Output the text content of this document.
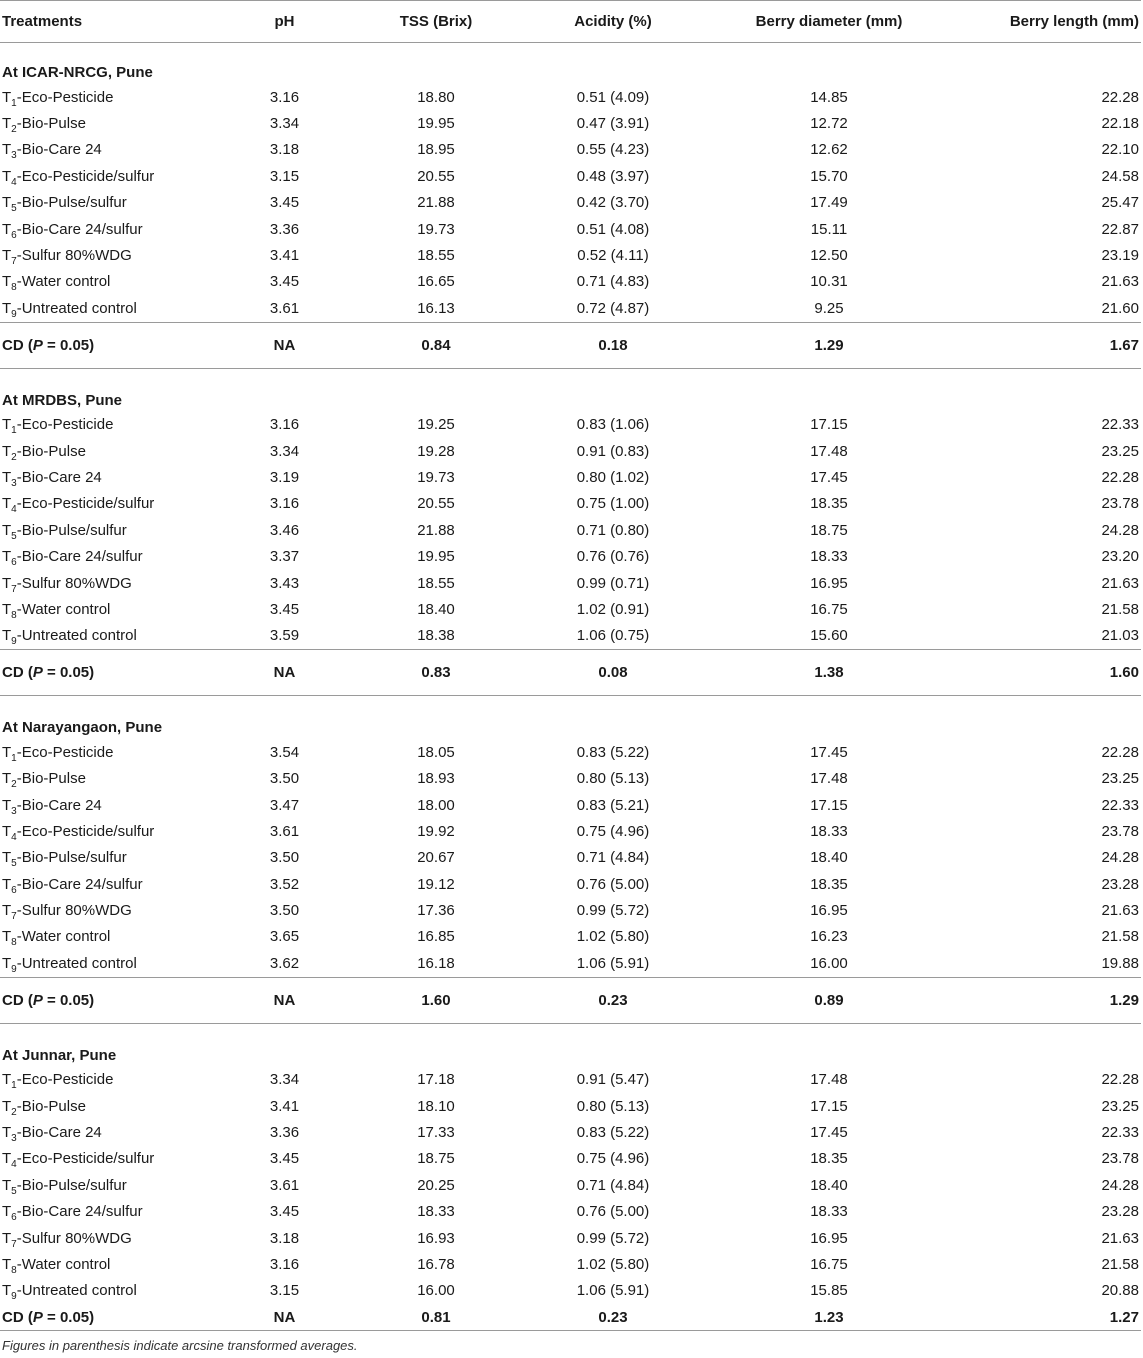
Treatments	pH	TSS (Brix)	Acidity (%)	Berry diameter (mm)	Berry length (mm)
At ICAR-NRCG, Pune					
$T_1-Eco$-Pesticide	3.16	18.80	0.51 (4.09)	14.85	22.28
$T_2-Bio$-Pulse	3.34	19.95	0.47 (3.91)	12.72	22.18
$T_3-Bio$-Care 24	3.18	18.95	0.55 (4.23)	12.62	22.10
$T_4-Eco-Pesticide$/sulfur	3.15	20.55	0.48 (3.97)	15.70	24.58
$T_5-Bio-Pulse$/sulfur	3.45	21.88	0.42 (3.70)	17.49	25.47
$T_6-Bio$-Care 24/sulfur	3.36	19.73	0.51 (4.08)	15.11	22.87
$T_7$-Sulfur 80%WDG	3.41	18.55	0.52 (4.11)	12.50	23.19
$T_8$-Water control	3.45	16.65	0.71 (4.83)	10.31	21.63
$T_9$-Untreated control	3.61	16.13	0.72 (4.87)	9.25	21.60
CD (P = 0.05)	NA	0.84	0.18	1.29	1.67
At MRDBS, Pune					
$T_1-Eco$-Pesticide	3.16	19.25	0.83 (1.06)	17.15	22.33
$T_2-Bio$-Pulse	3.34	19.28	0.91 (0.83)	17.48	23.25
$T_3-Bio$-Care 24	3.19	19.73	0.80 (1.02)	17.45	22.28
$T_4-Eco-Pesticide$/sulfur	3.16	20.55	0.75 (1.00)	18.35	23.78
$T_5-Bio-Pulse$/sulfur	3.46	21.88	0.71 (0.80)	18.75	24.28
$T_6-Bio$-Care 24/sulfur	3.37	19.95	0.76 (0.76)	18.33	23.20
$T_7$-Sulfur 80%WDG	3.43	18.55	0.99 (0.71)	16.95	21.63
$T_8$-Water control	3.45	18.40	1.02 (0.91)	16.75	21.58
$T_9$-Untreated control	3.59	18.38	1.06 (0.75)	15.60	21.03
CD (P = 0.05)	NA	0.83	0.08	1.38	1.60
At Narayangaon, Pune					
$T_1-Eco$-Pesticide	3.54	18.05	0.83 (5.22)	17.45	22.28
$T_2-Bio$-Pulse	3.50	18.93	0.80 (5.13)	17.48	23.25
$T_3-Bio$-Care 24	3.47	18.00	0.83 (5.21)	17.15	22.33
$T_4-Eco-Pesticide$/sulfur	3.61	19.92	0.75 (4.96)	18.33	23.78
$T_5-Bio-Pulse$/sulfur	3.50	20.67	0.71 (4.84)	18.40	24.28
$T_6-Bio$-Care 24/sulfur	3.52	19.12	0.76 (5.00)	18.35	23.28
$T_7$-Sulfur 80%WDG	3.50	17.36	0.99 (5.72)	16.95	21.63
$T_8$-Water control	3.65	16.85	1.02 (5.80)	16.23	21.58
$T_9$-Untreated control	3.62	16.18	1.06 (5.91)	16.00	19.88
CD (P = 0.05)	NA	1.60	0.23	0.89	1.29
At Junnar, Pune					
$T_1-Eco$-Pesticide	3.34	17.18	0.91 (5.47)	17.48	22.28
$T_2-Bio$-Pulse	3.41	18.10	0.80 (5.13)	17.15	23.25
$T_3-Bio$-Care 24	3.36	17.33	0.83 (5.22)	17.45	22.33
$T_4-Eco-Pesticide$/sulfur	3.45	18.75	0.75 (4.96)	18.35	23.78
$T_5-Bio-Pulse$/sulfur	3.61	20.25	0.71 (4.84)	18.40	24.28
$T_6-Bio$-Care 24/sulfur	3.45	18.33	0.76 (5.00)	18.33	23.28
$T_7$-Sulfur 80%WDG	3.18	16.93	0.99 (5.72)	16.95	21.63
$T_8$-Water control	3.16	16.78	1.02 (5.80)	16.75	21.58
$T_9$-Untreated control	3.15	16.00	1.06 (5.91)	15.85	20.88
CD (P = 0.05)	NA	0.81	0.23	1.23	1.27
Figures in parenthesis indicate arcsine transformed averages.
